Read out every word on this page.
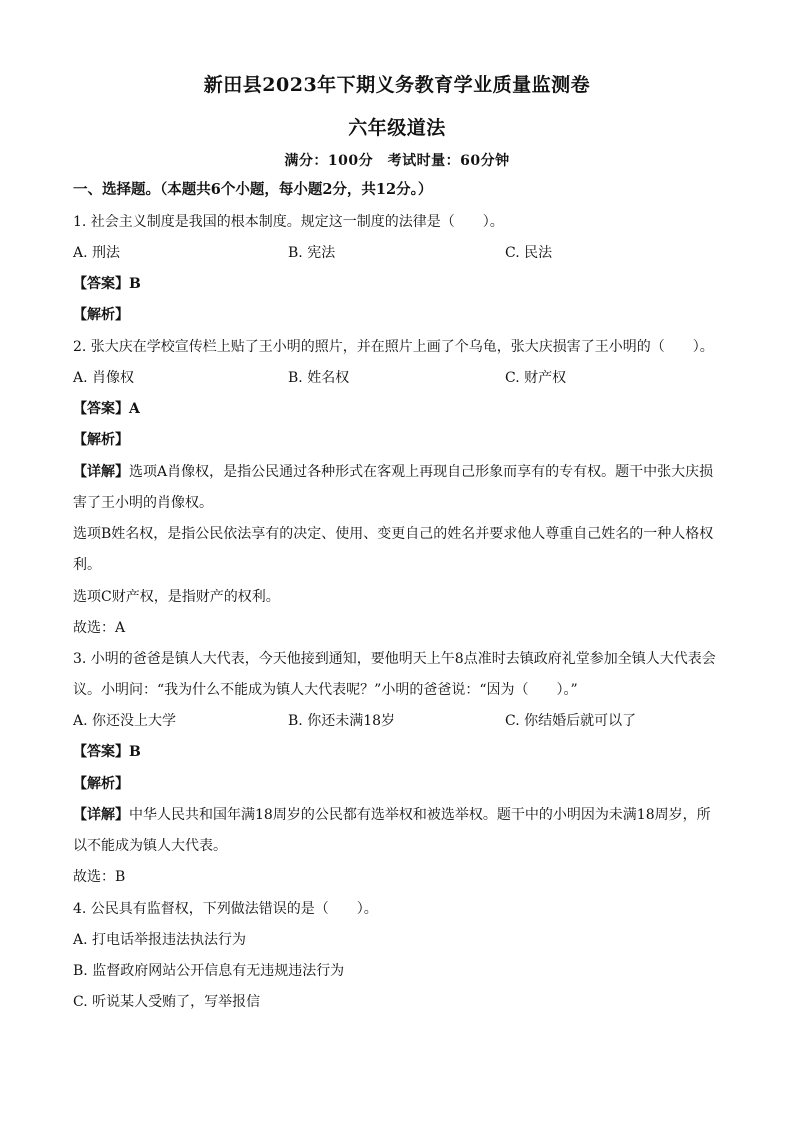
新田县2023年下期义务教育学业质量监测卷
六年级道法
满分：100分　考试时量：60分钟
一、选择题。（本题共6个小题，每小题2分，共12分。）
1. 社会主义制度是我国的根本制度。规定这一制度的法律是（　　）。
A. 刑法	B. 宪法	C. 民法
【答案】B
【解析】
2. 张大庆在学校宣传栏上贴了王小明的照片，并在照片上画了个乌龟，张大庆损害了王小明的（　　）。
A. 肖像权	B. 姓名权	C. 财产权
【答案】A
【解析】
【详解】选项A肖像权，是指公民通过各种形式在客观上再现自己形象而享有的专有权。题干中张大庆损
害了王小明的肖像权。
选项B姓名权，是指公民依法享有的决定、使用、变更自己的姓名并要求他人尊重自己姓名的一种人格权
利。
选项C财产权，是指财产的权利。
故选：A
3. 小明的爸爸是镇人大代表，今天他接到通知，要他明天上午8点准时去镇政府礼堂参加全镇人大代表会
议。小明问：“我为什么不能成为镇人大代表呢？”小明的爸爸说：“因为（　　）。”
A. 你还没上大学	B. 你还未满18岁	C. 你结婚后就可以了
【答案】B
【解析】
【详解】中华人民共和国年满18周岁的公民都有选举权和被选举权。题干中的小明因为未满18周岁，所
以不能成为镇人大代表。
故选：B
4. 公民具有监督权，下列做法错误的是（　　）。
A. 打电话举报违法执法行为
B. 监督政府网站公开信息有无违规违法行为
C. 听说某人受贿了，写举报信
